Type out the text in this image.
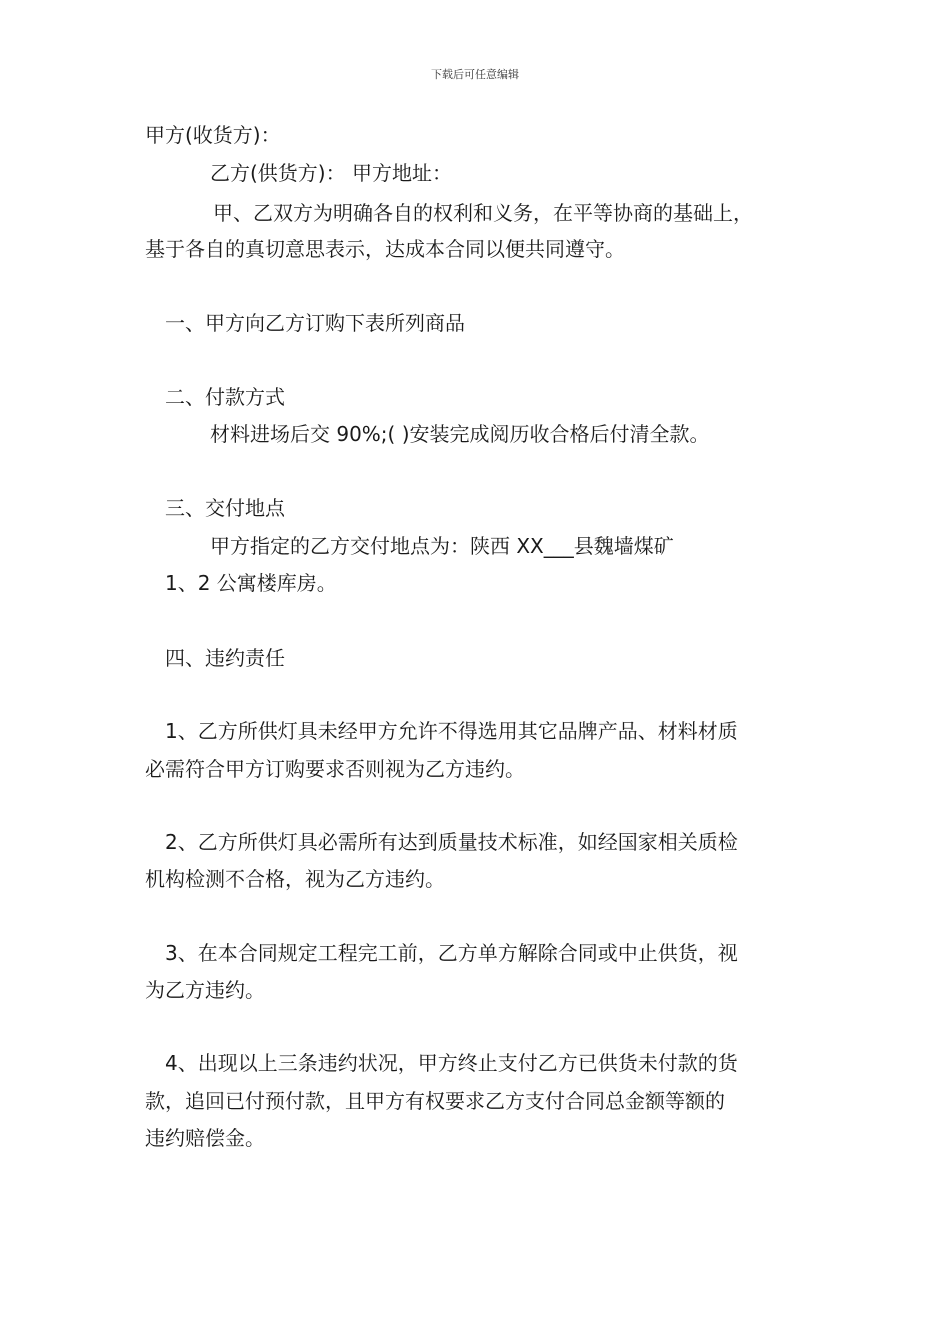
下载后可任意编辑
甲方(收货方)：
乙方(供货方)： 甲方地址：
甲、乙双方为明确各自的权利和义务，在平等协商的基础上，
基于各自的真切意思表示，达成本合同以便共同遵守。
一、甲方向乙方订购下表所列商品
二、付款方式
材料进场后交 90%;( )安装完成阅历收合格后付清全款。
三、交付地点
甲方指定的乙方交付地点为：陕西 XX___县魏墙煤矿
1、2 公寓楼库房。
四、违约责任
1、乙方所供灯具未经甲方允许不得选用其它品牌产品、材料材质
必需符合甲方订购要求否则视为乙方违约。
2、乙方所供灯具必需所有达到质量技术标准，如经国家相关质检
机构检测不合格，视为乙方违约。
3、在本合同规定工程完工前，乙方单方解除合同或中止供货，视
为乙方违约。
4、出现以上三条违约状况，甲方终止支付乙方已供货未付款的货
款，追回已付预付款，且甲方有权要求乙方支付合同总金额等额的
违约赔偿金。
